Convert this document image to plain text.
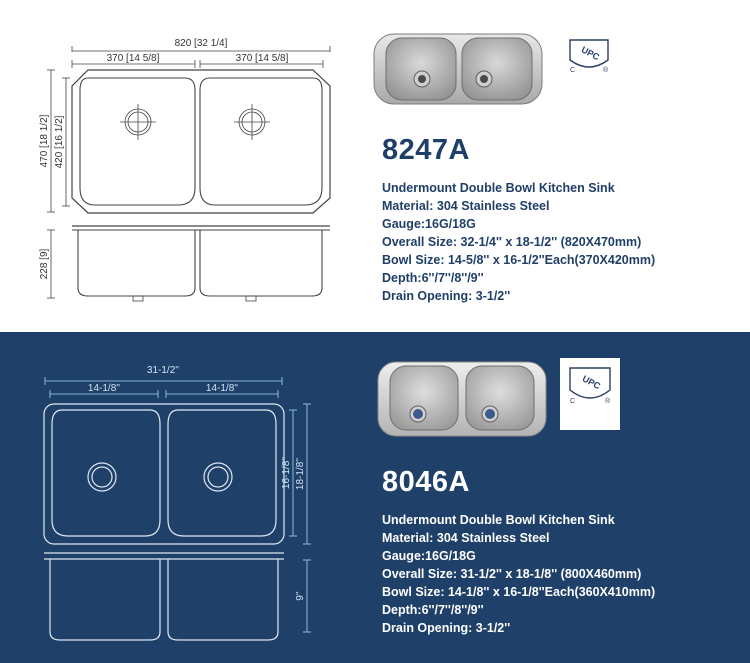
820 [32 1/4]
370 [14 5/8]	370 [14 5/8]
470 [18 1/2] 420 [16 1/2]
228 [9]
UPC
C	®
8247A
Undermount Double Bowl Kitchen Sink
Material: 304 Stainless Steel
Gauge:16G/18G
Overall Size: 32-1/4'' x 18-1/2'' (820X470mm)
Bowl Size: 14-5/8'' x 16-1/2''Each(370X420mm)
Depth:6''/7''/8''/9''
Drain Opening: 3-1/2''
31-1/2''
14-1/8''	14-1/8''
16-1/8'' 18-1/8''
9''
UPC
C	®
8046A
Undermount Double Bowl Kitchen Sink
Material: 304 Stainless Steel
Gauge:16G/18G
Overall Size: 31-1/2'' x 18-1/8'' (800X460mm)
Bowl Size: 14-1/8'' x 16-1/8''Each(360X410mm)
Depth:6''/7''/8''/9''
Drain Opening: 3-1/2''
